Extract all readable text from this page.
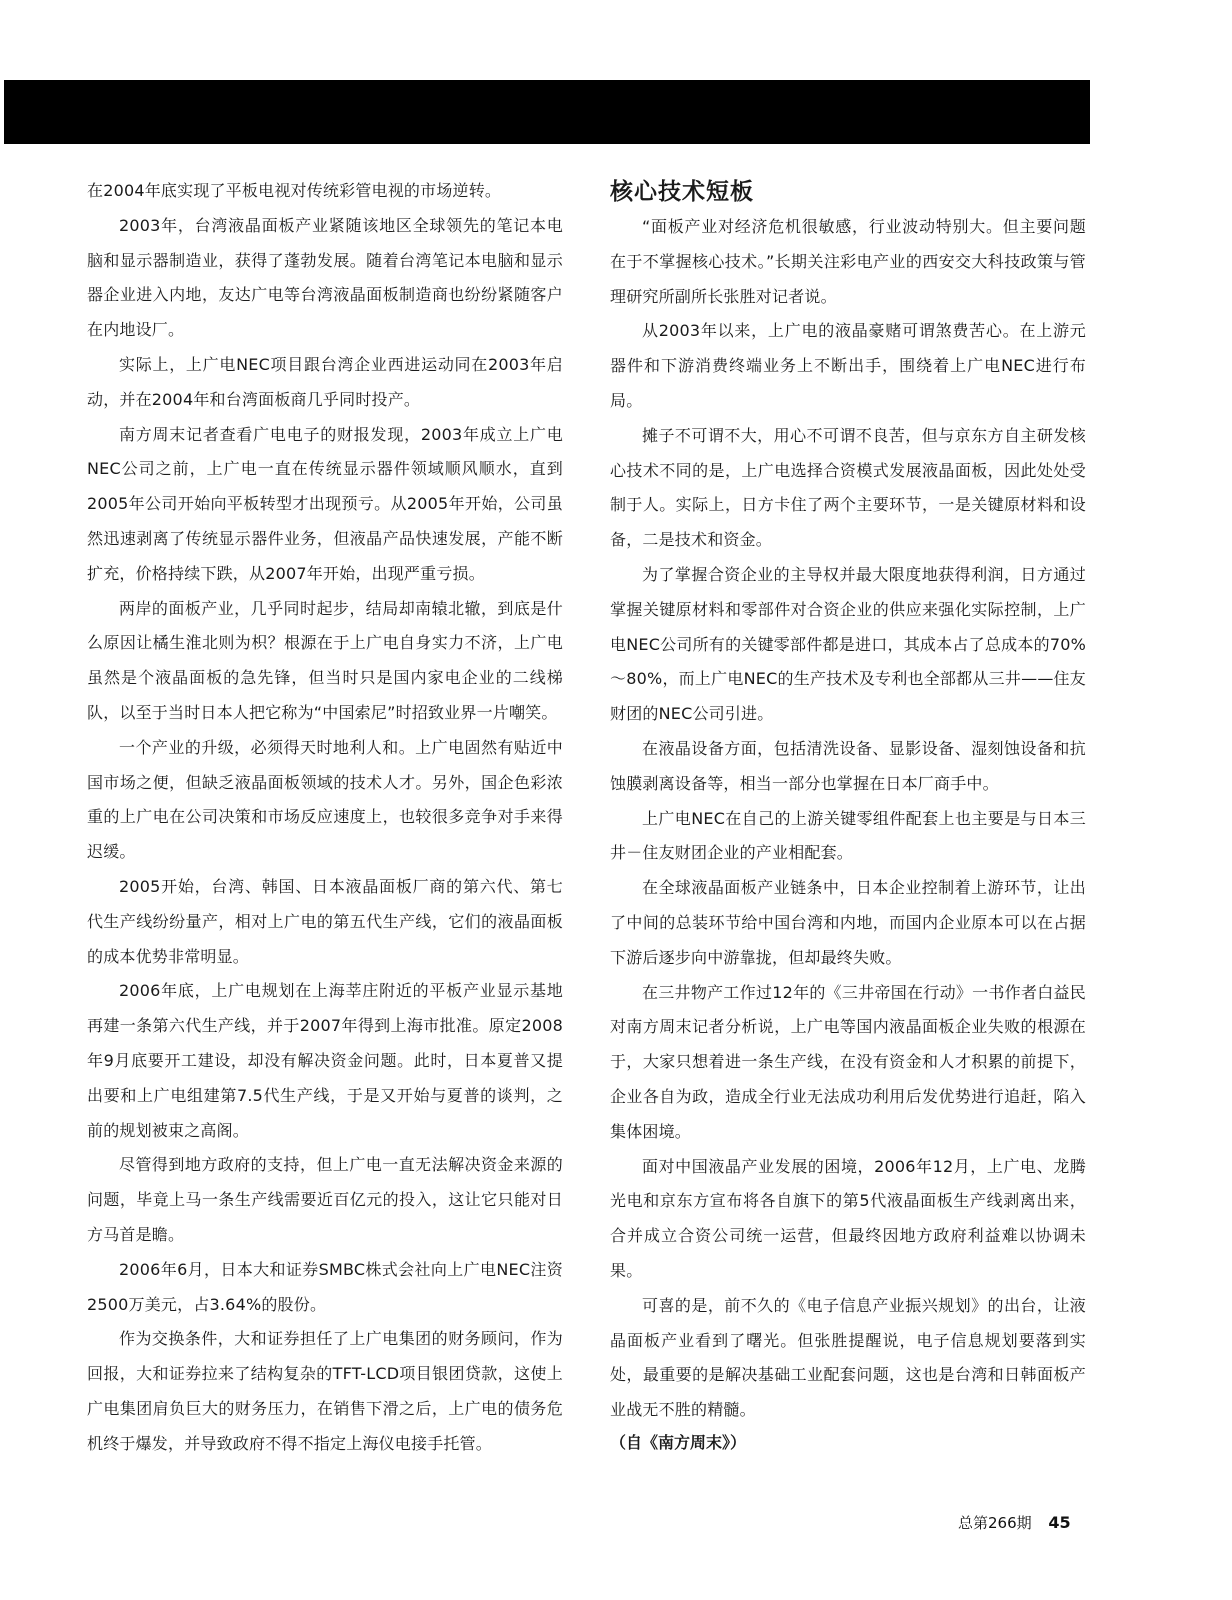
在2004年底实现了平板电视对传统彩管电视的市场逆转。

2003年，台湾液晶面板产业紧随该地区全球领先的笔记本电脑和显示器制造业，获得了蓬勃发展。随着台湾笔记本电脑和显示器企业进入内地，友达广电等台湾液晶面板制造商也纷纷紧随客户在内地设厂。

实际上，上广电NEC项目跟台湾企业西进运动同在2003年启动，并在2004年和台湾面板商几乎同时投产。

南方周末记者查看广电电子的财报发现，2003年成立上广电NEC公司之前，上广电一直在传统显示器件领域顺风顺水，直到2005年公司开始向平板转型才出现预亏。从2005年开始，公司虽然迅速剥离了传统显示器件业务，但液晶产品快速发展，产能不断扩充，价格持续下跌，从2007年开始，出现严重亏损。

两岸的面板产业，几乎同时起步，结局却南辕北辙，到底是什么原因让橘生淮北则为枳？根源在于上广电自身实力不济，上广电虽然是个液晶面板的急先锋，但当时只是国内家电企业的二线梯队，以至于当时日本人把它称为“中国索尼”时招致业界一片嘲笑。

一个产业的升级，必须得天时地利人和。上广电固然有贴近中国市场之便，但缺乏液晶面板领域的技术人才。另外，国企色彩浓重的上广电在公司决策和市场反应速度上，也较很多竞争对手来得迟缓。

2005开始，台湾、韩国、日本液晶面板厂商的第六代、第七代生产线纷纷量产，相对上广电的第五代生产线，它们的液晶面板的成本优势非常明显。

2006年底，上广电规划在上海莘庄附近的平板产业显示基地再建一条第六代生产线，并于2007年得到上海市批准。原定2008年9月底要开工建设，却没有解决资金问题。此时，日本夏普又提出要和上广电组建第7.5代生产线，于是又开始与夏普的谈判，之前的规划被束之高阁。

尽管得到地方政府的支持，但上广电一直无法解决资金来源的问题，毕竟上马一条生产线需要近百亿元的投入，这让它只能对日方马首是瞻。

2006年6月，日本大和证券SMBC株式会社向上广电NEC注资 2500万美元，占3.64%的股份。

作为交换条件，大和证券担任了上广电集团的财务顾问，作为回报，大和证券拉来了结构复杂的TFT-LCD项目银团贷款，这使上广电集团肩负巨大的财务压力，在销售下滑之后，上广电的债务危机终于爆发，并导致政府不得不指定上海仪电接手托管。

核心技术短板

“面板产业对经济危机很敏感，行业波动特别大。但主要问题在于不掌握核心技术。”长期关注彩电产业的西安交大科技政策与管理研究所副所长张胜对记者说。

从2003年以来，上广电的液晶豪赌可谓煞费苦心。在上游元器件和下游消费终端业务上不断出手，围绕着上广电NEC进行布局。

摊子不可谓不大，用心不可谓不良苦，但与京东方自主研发核心技术不同的是，上广电选择合资模式发展液晶面板，因此处处受制于人。实际上，日方卡住了两个主要环节，一是关键原材料和设备，二是技术和资金。

为了掌握合资企业的主导权并最大限度地获得利润，日方通过掌握关键原材料和零部件对合资企业的供应来强化实际控制，上广电NEC公司所有的关键零部件都是进口，其成本占了总成本的70%～80%，而上广电NEC的生产技术及专利也全部都从三井——住友财团的NEC公司引进。

在液晶设备方面，包括清洗设备、显影设备、湿刻蚀设备和抗蚀膜剥离设备等，相当一部分也掌握在日本厂商手中。

上广电NEC在自己的上游关键零组件配套上也主要是与日本三井－住友财团企业的产业相配套。

在全球液晶面板产业链条中，日本企业控制着上游环节，让出了中间的总装环节给中国台湾和内地，而国内企业原本可以在占据下游后逐步向中游靠拢，但却最终失败。

在三井物产工作过12年的《三井帝国在行动》一书作者白益民对南方周末记者分析说，上广电等国内液晶面板企业失败的根源在于，大家只想着进一条生产线，在没有资金和人才积累的前提下，企业各自为政，造成全行业无法成功利用后发优势进行追赶，陷入集体困境。

面对中国液晶产业发展的困境，2006年12月，上广电、龙腾光电和京东方宣布将各自旗下的第5代液晶面板生产线剥离出来，合并成立合资公司统一运营，但最终因地方政府利益难以协调未果。

可喜的是，前不久的《电子信息产业振兴规划》的出台，让液晶面板产业看到了曙光。但张胜提醒说，电子信息规划要落到实处，最重要的是解决基础工业配套问题，这也是台湾和日韩面板产业战无不胜的精髓。

（自《南方周末》）
总第266期 45
